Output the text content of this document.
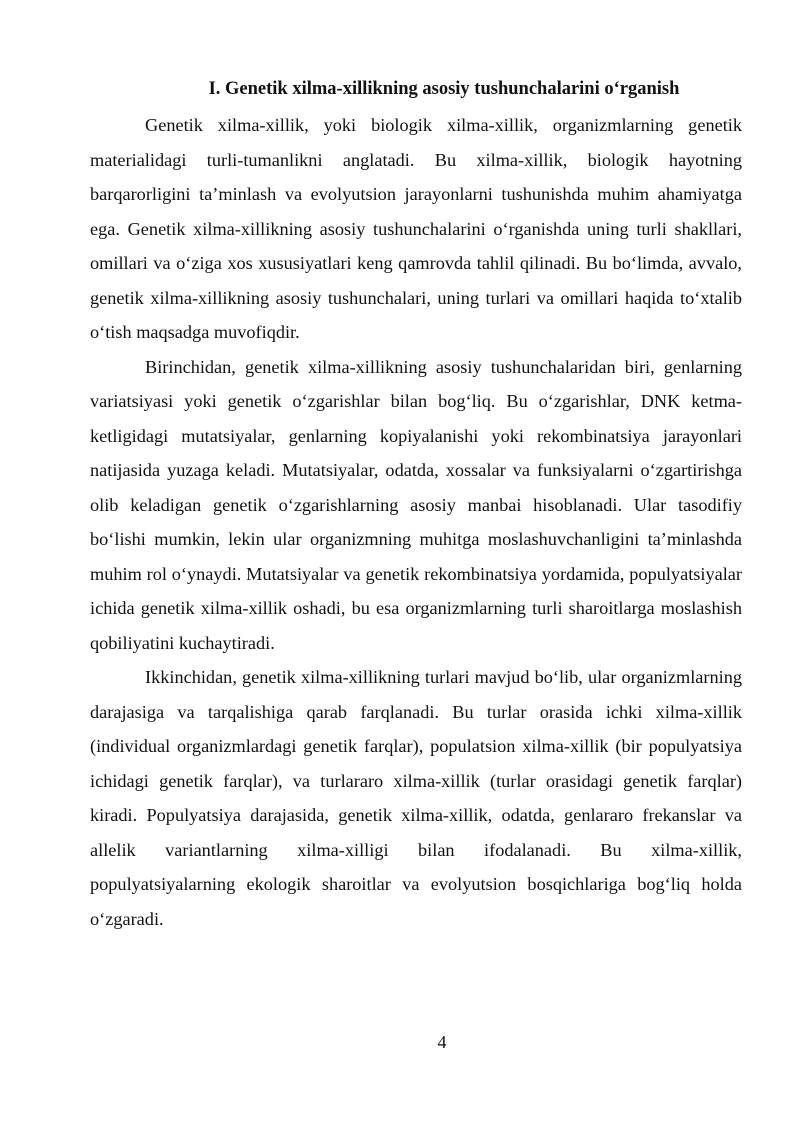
I. Genetik xilma-xillikning asosiy tushunchalarini o‘rganish

Genetik xilma-xillik, yoki biologik xilma-xillik, organizmlarning genetik materialidagi turli-tumanlikni anglatadi. Bu xilma-xillik, biologik hayotning barqarorligini ta’minlash va evolyutsion jarayonlarni tushunishda muhim ahamiyatga ega. Genetik xilma-xillikning asosiy tushunchalarini o‘rganishda uning turli shakllari, omillari va o‘ziga xos xususiyatlari keng qamrovda tahlil qilinadi. Bu bo‘limda, avvalo, genetik xilma-xillikning asosiy tushunchalari, uning turlari va omillari haqida to‘xtalib o‘tish maqsadga muvofiqdir.

Birinchidan, genetik xilma-xillikning asosiy tushunchalaridan biri, genlarning variatsiyasi yoki genetik o‘zgarishlar bilan bog‘liq. Bu o‘zgarishlar, DNK ketma-ketligidagi mutatsiyalar, genlarning kopiyalanishi yoki rekombinatsiya jarayonlari natijasida yuzaga keladi. Mutatsiyalar, odatda, xossalar va funksiyalarni o‘zgartirishga olib keladigan genetik o‘zgarishlarning asosiy manbai hisoblanadi. Ular tasodifiy bo‘lishi mumkin, lekin ular organizmning muhitga moslashuvchanligini ta’minlashda muhim rol o‘ynaydi. Mutatsiyalar va genetik rekombinatsiya yordamida, populyatsiyalar ichida genetik xilma-xillik oshadi, bu esa organizmlarning turli sharoitlarga moslashish qobiliyatini kuchaytiradi.

Ikkinchidan, genetik xilma-xillikning turlari mavjud bo‘lib, ular organizmlarning darajasiga va tarqalishiga qarab farqlanadi. Bu turlar orasida ichki xilma-xillik (individual organizmlardagi genetik farqlar), populatsion xilma-xillik (bir populyatsiya ichidagi genetik farqlar), va turlararo xilma-xillik (turlar orasidagi genetik farqlar) kiradi. Populyatsiya darajasida, genetik xilma-xillik, odatda, genlararo frekanslar va allelik variantlarning xilma-xilligi bilan ifodalanadi. Bu xilma-xillik, populyatsiyalarning ekologik sharoitlar va evolyutsion bosqichlariga bog‘liq holda o‘zgaradi.

4
